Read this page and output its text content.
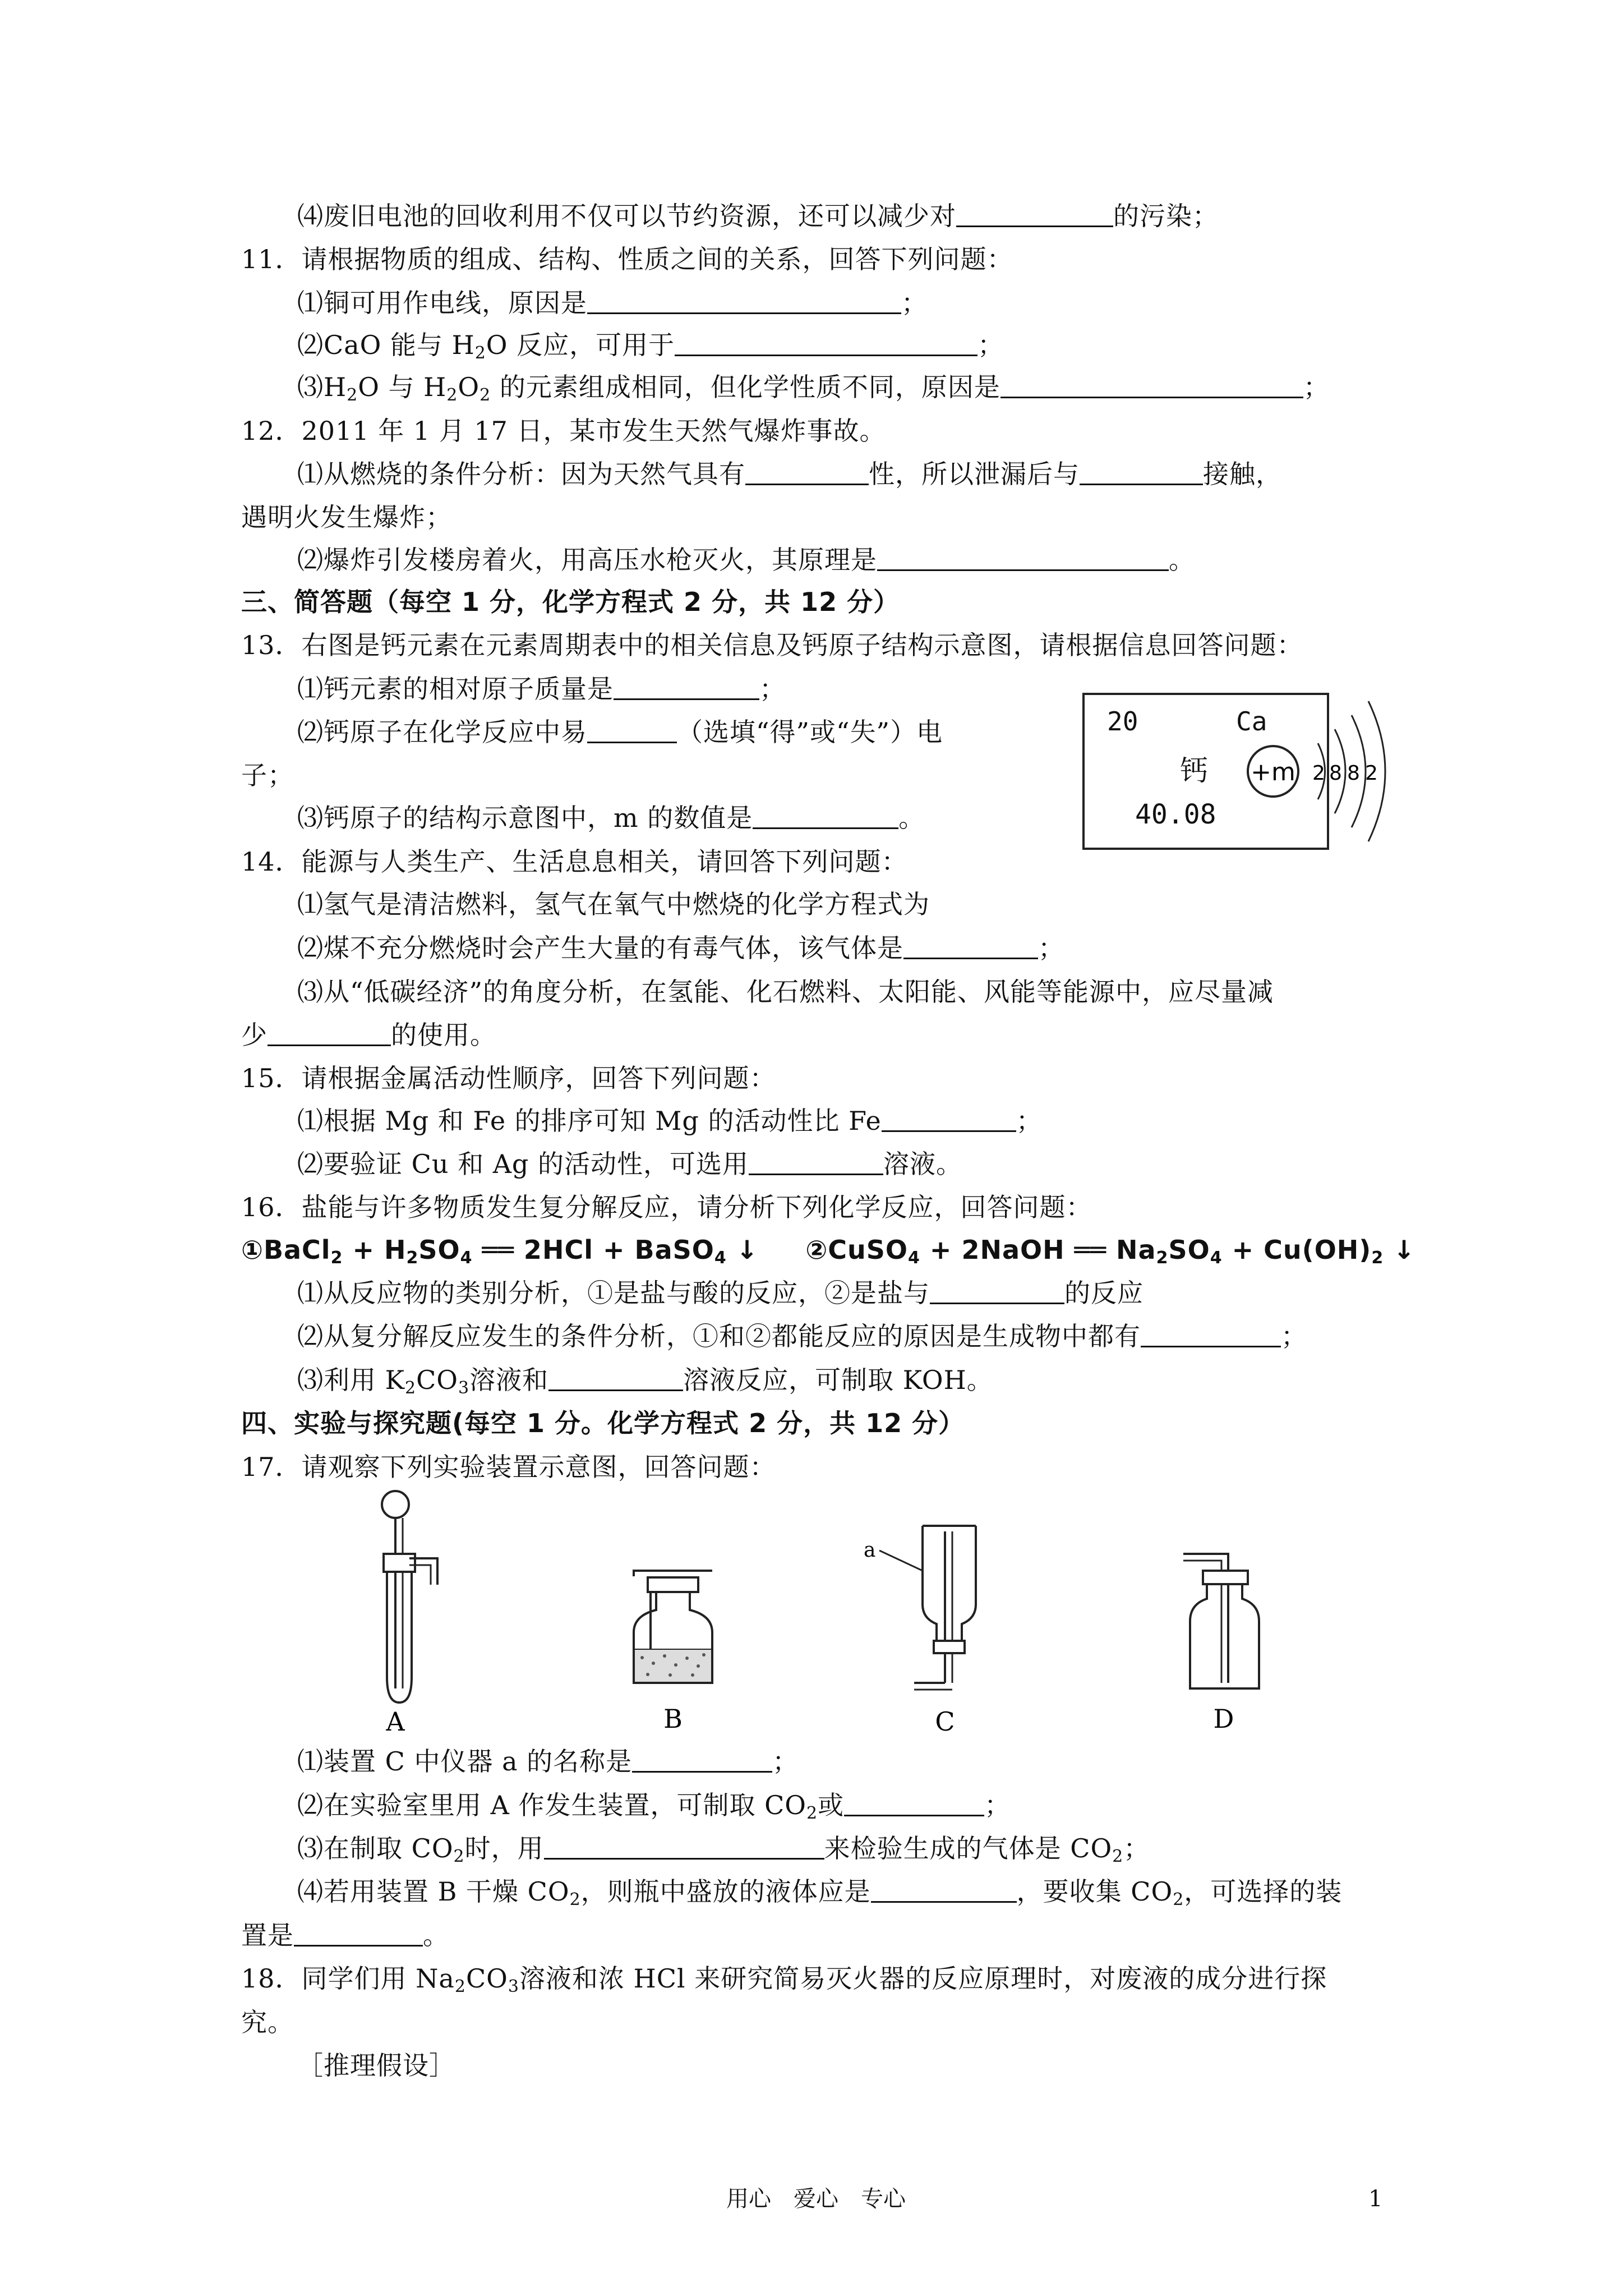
⑷废旧电池的回收利用不仅可以节约资源，还可以减少对	的污染；
11．请根据物质的组成、结构、性质之间的关系，回答下列问题：
⑴铜可用作电线，原因是	；
⑵CaO 能与 $H_2O$ 反应，可用于	；
$⑶H_2O$ 与 $H_2O_2$ 的元素组成相同，但化学性质不同，原因是	；
12．2011 年 1 月 17 日，某市发生天然气爆炸事故。
⑴从燃烧的条件分析：因为天然气具有	性，所以泄漏后与	接触，
遇明火发生爆炸；
⑵爆炸引发楼房着火，用高压水枪灭火，其原理是	。
三、简答题（每空 1 分，化学方程式 2 分，共 12 分）
13．右图是钙元素在元素周期表中的相关信息及钙原子结构示意图，请根据信息回答问题：
⑴钙元素的相对原子质量是	；
⑵钙原子在化学反应中易	（选填“得”或“失”）电
子；
⑶钙原子的结构示意图中，m 的数值是	。
20	Ca
钙
40.08
+m 2 8 8 2
14．能源与人类生产、生活息息相关，请回答下列问题：
⑴氢气是清洁燃料，氢气在氧气中燃烧的化学方程式为
⑵煤不充分燃烧时会产生大量的有毒气体，该气体是	；
⑶从“低碳经济”的角度分析，在氢能、化石燃料、太阳能、风能等能源中，应尽量减
少	的使用。
15．请根据金属活动性顺序，回答下列问题：
⑴根据 Mg 和 Fe 的排序可知 Mg 的活动性比 Fe	；
⑵要验证 Cu 和 Ag 的活动性，可选用	溶液。
16．盐能与许多物质发生复分解反应，请分析下列化学反应，回答问题：
①BaCl$_2$ + $H_2SO_4$ ══ 2HCl + BaSO$_4$ ↓ ②CuSO$_4$ + 2NaOH ══ $Na_2SO_4 + Cu(OH)_2$ ↓
⑴从反应物的类别分析，①是盐与酸的反应，②是盐与	的反应
⑵从复分解反应发生的条件分析，①和②都能反应的原因是生成物中都有	；
⑶利用 $K_2CO_3$溶液和	溶液反应，可制取 KOH。
四、实验与探究题(每空 1 分。化学方程式 2 分，共 12 分）
17．请观察下列实验装置示意图，回答问题：
A	B
a
C	D
⑴装置 C 中仪器 a 的名称是	；
⑵在实验室里用 A 作发生装置，可制取 $CO_2$或	；
⑶在制取 $CO_2$时，用	来检验生成的气体是 $CO_2$；
⑷若用装置 B 干燥 $CO_2$，则瓶中盛放的液体应是	，要收集 $CO_2$，可选择的装
置是	。
18．同学们用 $Na_2CO_3$溶液和浓 HCl 来研究简易灭火器的反应原理时，对废液的成分进行探
究。
［推理假设］
用心　爱心　专心	1
